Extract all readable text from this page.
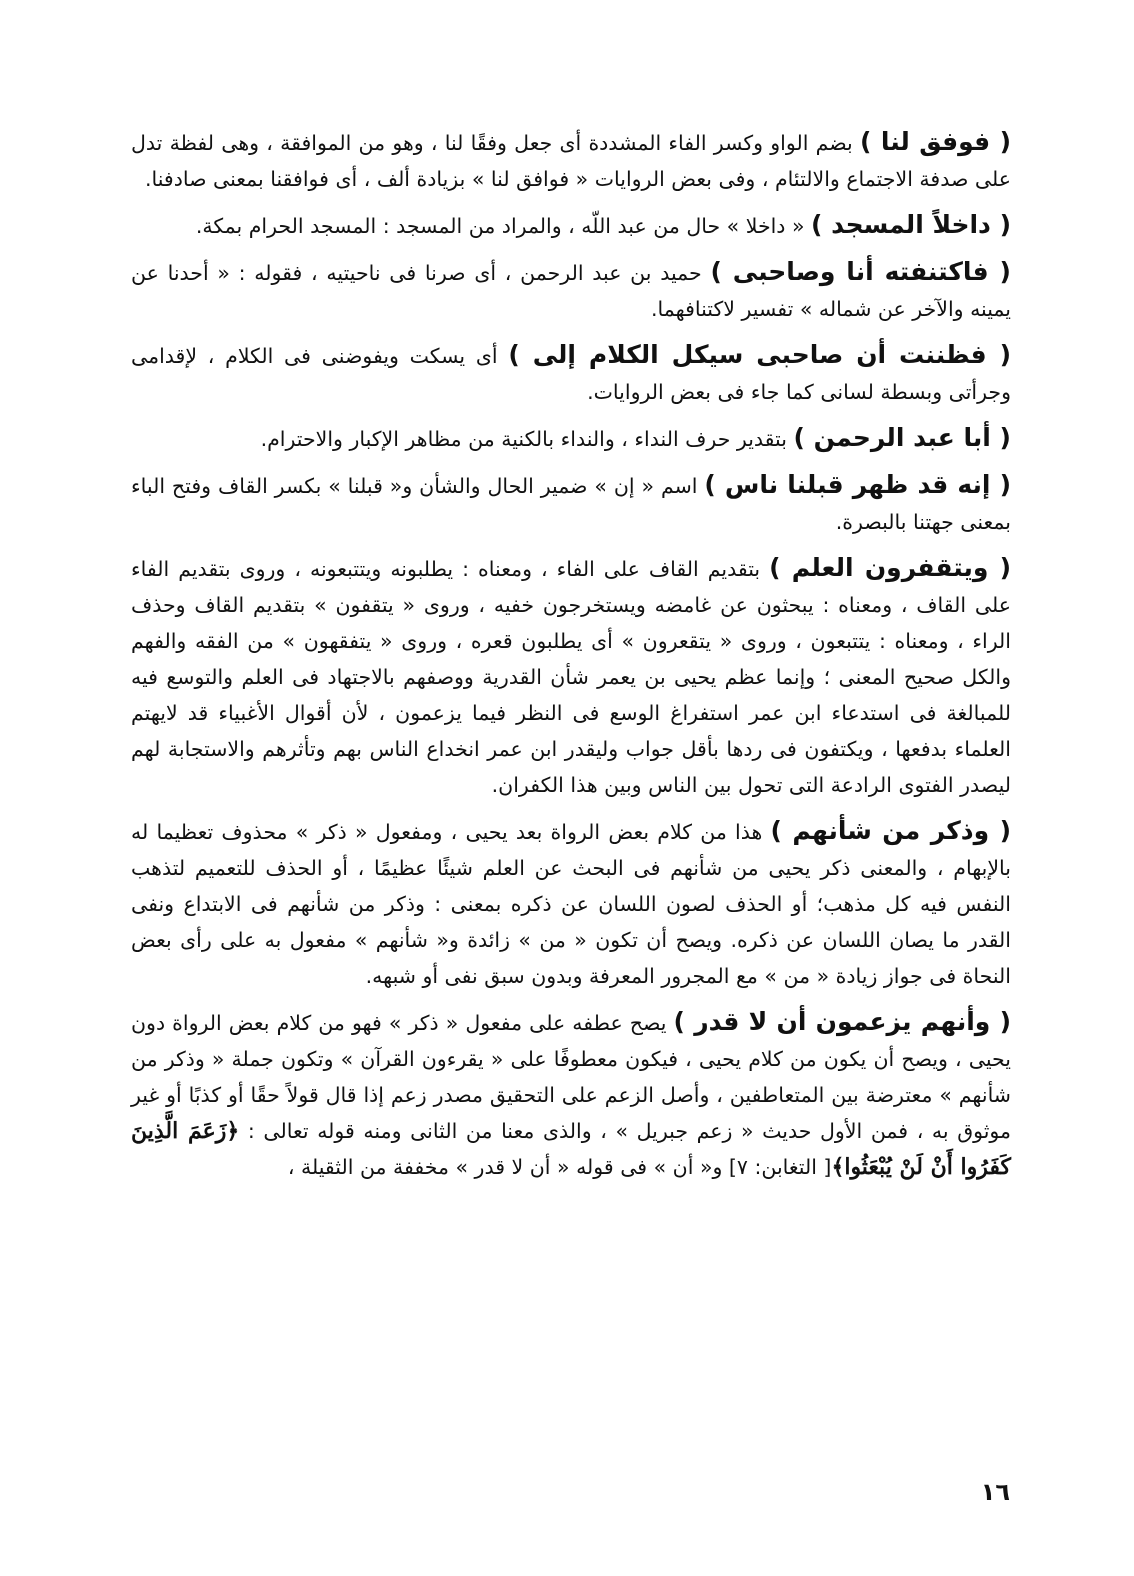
( فوفق لنا ) بضم الواو وكسر الفاء المشددة أى جعل وفقًا لنا ، وهو من الموافقة ، وهى لفظة تدل على صدفة الاجتماع والالتئام ، وفى بعض الروايات « فوافق لنا » بزيادة ألف ، أى فوافقنا بمعنى صادفنا.

( داخلاً المسجد ) « داخلا » حال من عبد اللّه ، والمراد من المسجد : المسجد الحرام بمكة.

( فاكتنفته أنا وصاحبى ) حميد بن عبد الرحمن ، أى صرنا فى ناحيتيه ، فقوله : « أحدنا عن يمينه والآخر عن شماله » تفسير لاكتنافهما.

( فظننت أن صاحبى سيكل الكلام إلى ) أى يسكت ويفوضنى فى الكلام ، لإقدامى وجرأتى وبسطة لسانى كما جاء فى بعض الروايات.

( أبا عبد الرحمن ) بتقدير حرف النداء ، والنداء بالكنية من مظاهر الإكبار والاحترام.

( إنه قد ظهر قبلنا ناس ) اسم « إن » ضمير الحال والشأن و« قبلنا » بكسر القاف وفتح الباء بمعنى جهتنا بالبصرة.

( ويتقفرون العلم ) بتقديم القاف على الفاء ، ومعناه : يطلبونه ويتتبعونه ، وروى بتقديم الفاء على القاف ، ومعناه : يبحثون عن غامضه ويستخرجون خفيه ، وروى « يتقفون » بتقديم القاف وحذف الراء ، ومعناه : يتتبعون ، وروى « يتقعرون » أى يطلبون قعره ، وروى « يتفقهون » من الفقه والفهم والكل صحيح المعنى ؛ وإنما عظم يحيى بن يعمر شأن القدرية ووصفهم بالاجتهاد فى العلم والتوسع فيه للمبالغة فى استدعاء ابن عمر استفراغ الوسع فى النظر فيما يزعمون ، لأن أقوال الأغبياء قد لايهتم العلماء بدفعها ، ويكتفون فى ردها بأقل جواب وليقدر ابن عمر انخداع الناس بهم وتأثرهم والاستجابة لهم ليصدر الفتوى الرادعة التى تحول بين الناس وبين هذا الكفران.

( وذكر من شأنهم ) هذا من كلام بعض الرواة بعد يحيى ، ومفعول « ذكر » محذوف تعظيما له بالإبهام ، والمعنى ذكر يحيى من شأنهم فى البحث عن العلم شيئًا عظيمًا ، أو الحذف للتعميم لتذهب النفس فيه كل مذهب؛ أو الحذف لصون اللسان عن ذكره بمعنى : وذكر من شأنهم فى الابتداع ونفى القدر ما يصان اللسان عن ذكره. ويصح أن تكون « من » زائدة و« شأنهم » مفعول به على رأى بعض النحاة فى جواز زيادة « من » مع المجرور المعرفة وبدون سبق نفى أو شبهه.

( وأنهم يزعمون أن لا قدر ) يصح عطفه على مفعول « ذكر » فهو من كلام بعض الرواة دون يحيى ، ويصح أن يكون من كلام يحيى ، فيكون معطوفًا على « يقرءون القرآن » وتكون جملة « وذكر من شأنهم » معترضة بين المتعاطفين ، وأصل الزعم على التحقيق مصدر زعم إذا قال قولاً حقًا أو كذبًا أو غير موثوق به ، فمن الأول حديث « زعم جبريل » ، والذى معنا من الثانى ومنه قوله تعالى : ﴿زَعَمَ الَّذِينَ كَفَرُوا أَنْ لَنْ يُبْعَثُوا﴾[ التغابن: ٧] و« أن » فى قوله « أن لا قدر » مخففة من الثقيلة ،

١٦
